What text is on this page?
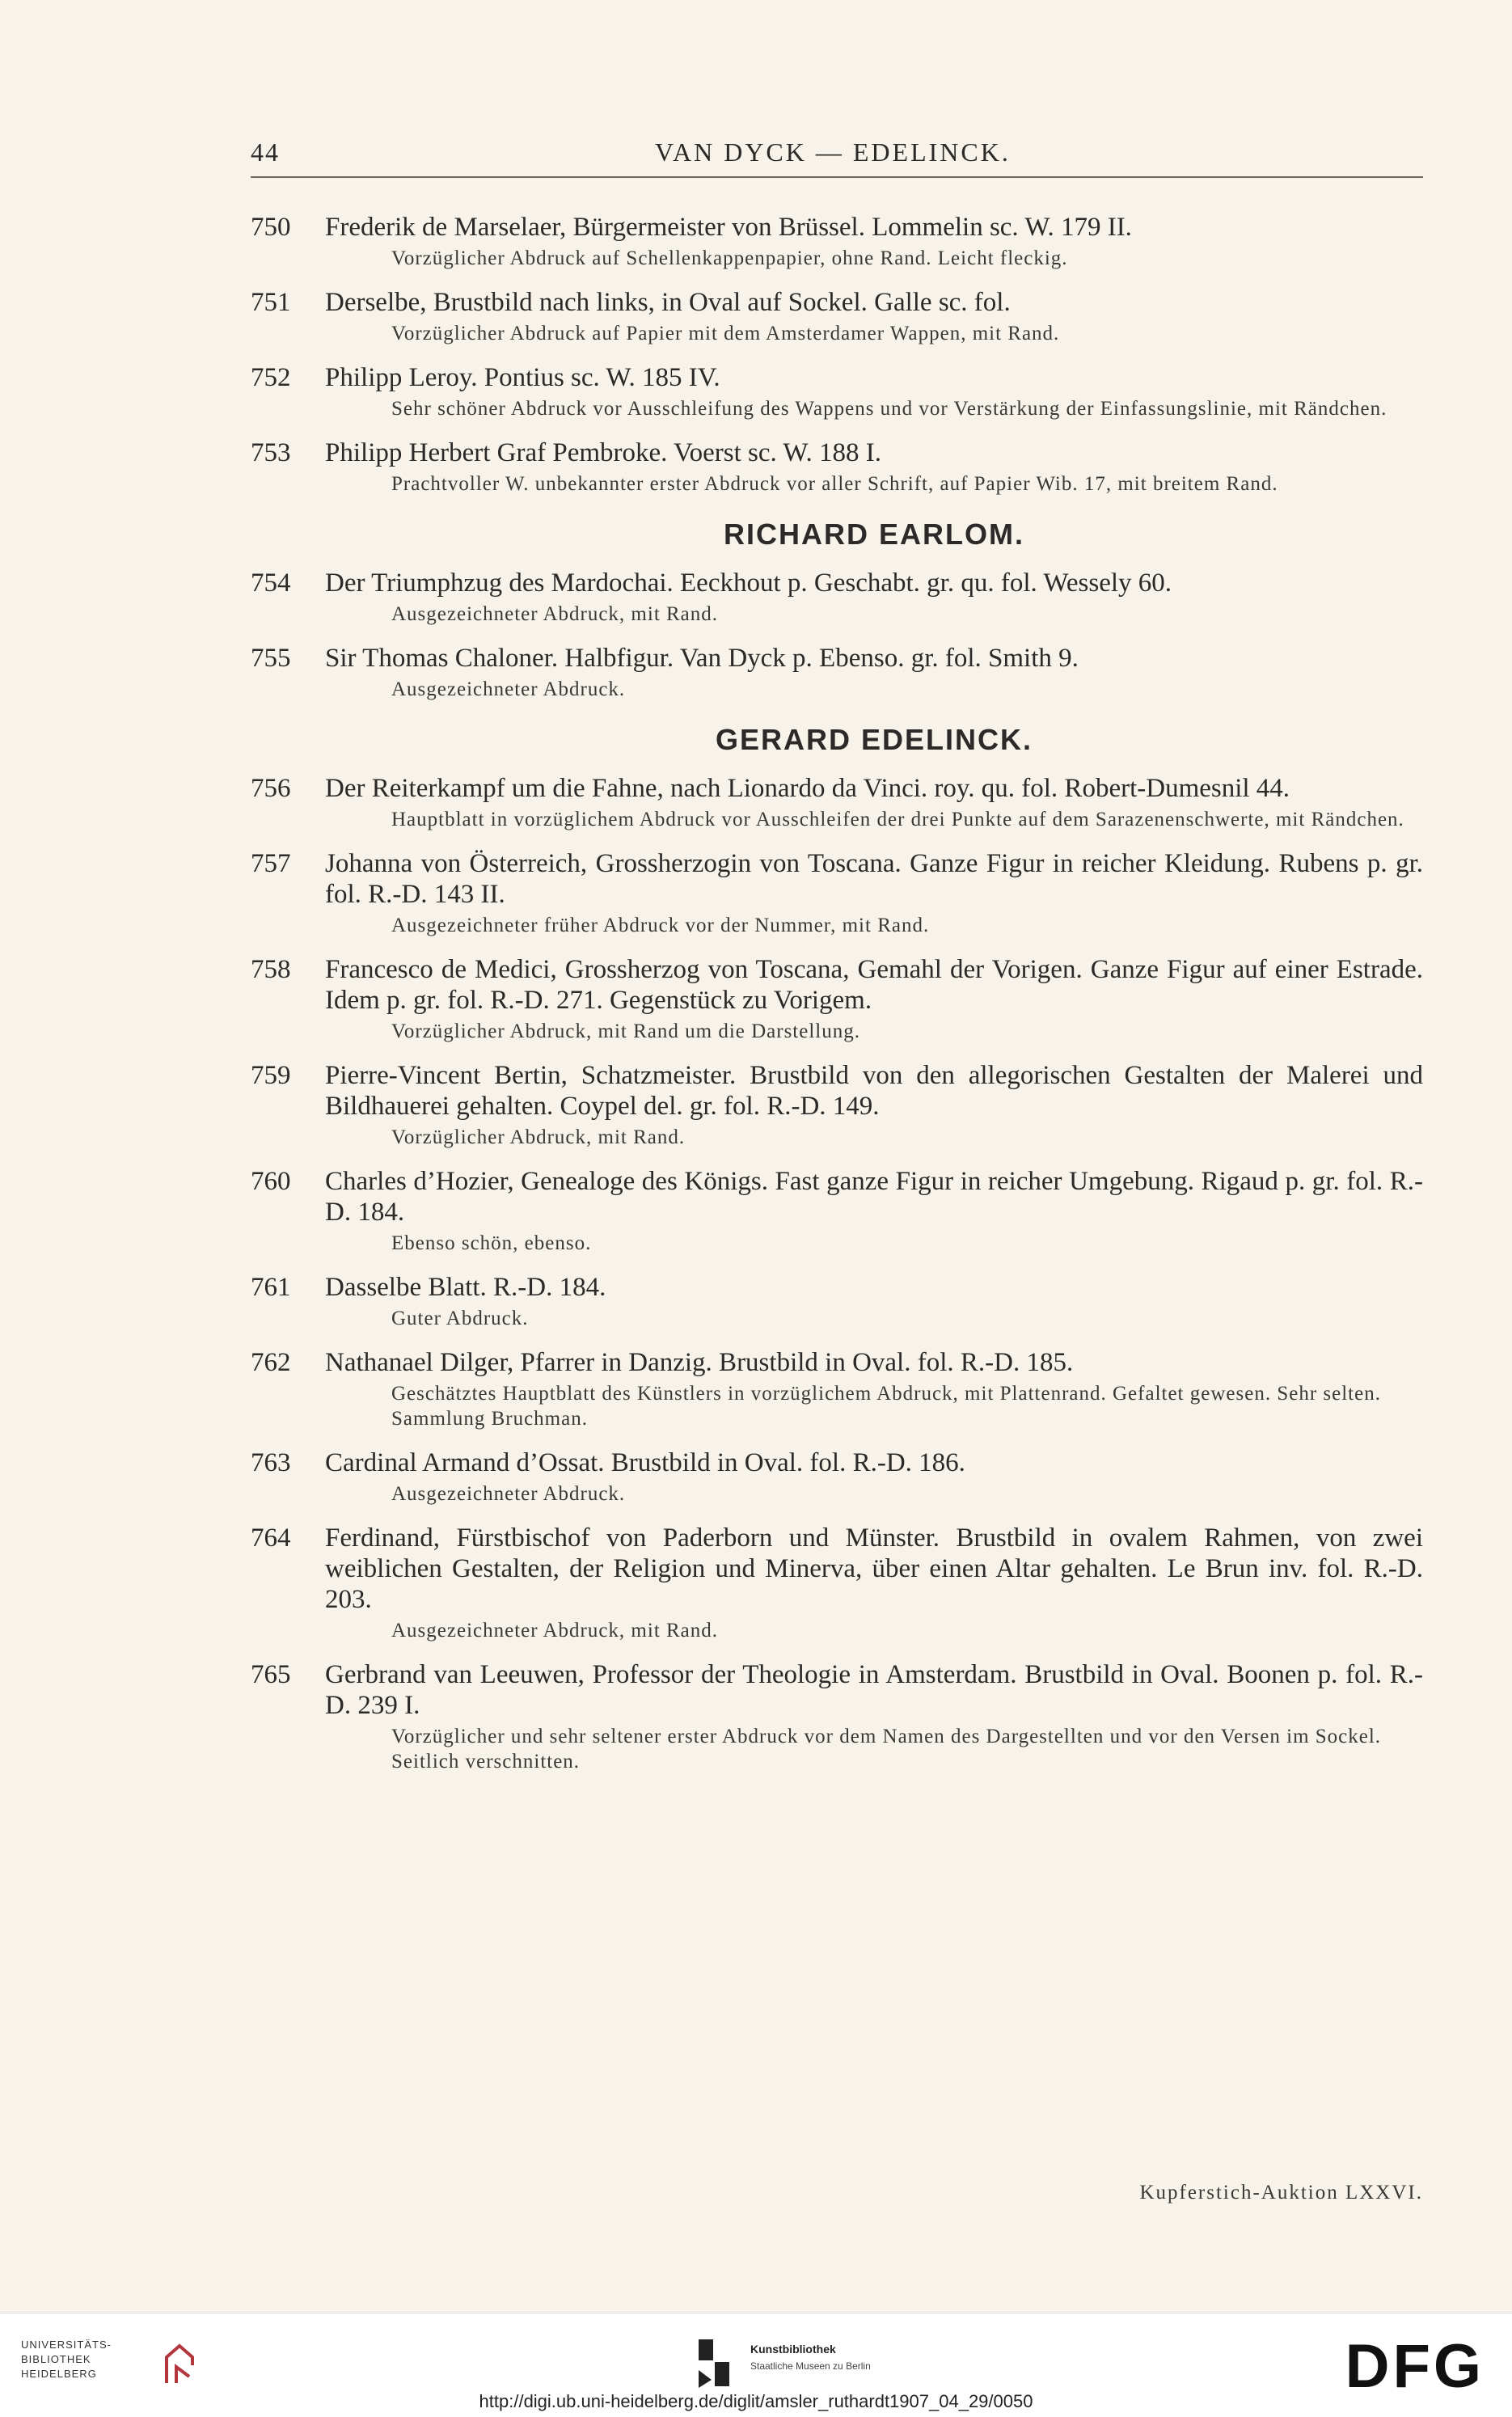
44	VAN DYCK — EDELINCK.
750	Frederik de Marselaer, Bürgermeister von Brüssel. Lommelin sc. W. 179 II.
Vorzüglicher Abdruck auf Schellenkappenpapier, ohne Rand. Leicht fleckig.
751	Derselbe, Brustbild nach links, in Oval auf Sockel. Galle sc. fol.
Vorzüglicher Abdruck auf Papier mit dem Amsterdamer Wappen, mit Rand.
752	Philipp Leroy. Pontius sc. W. 185 IV.
Sehr schöner Abdruck vor Ausschleifung des Wappens und vor Verstärkung der Einfassungslinie, mit Rändchen.
753	Philipp Herbert Graf Pembroke. Voerst sc. W. 188 I.
Prachtvoller W. unbekannter erster Abdruck vor aller Schrift, auf Papier Wib. 17, mit breitem Rand.
RICHARD EARLOM.
754	Der Triumphzug des Mardochai. Eeckhout p. Geschabt. gr. qu. fol. Wessely 60.
Ausgezeichneter Abdruck, mit Rand.
755	Sir Thomas Chaloner. Halbfigur. Van Dyck p. Ebenso. gr. fol. Smith 9.
Ausgezeichneter Abdruck.
GERARD EDELINCK.
756	Der Reiterkampf um die Fahne, nach Lionardo da Vinci. roy. qu. fol. Robert-Dumesnil 44.
Hauptblatt in vorzüglichem Abdruck vor Ausschleifen der drei Punkte auf dem Sarazenenschwerte, mit Rändchen.
757	Johanna von Österreich, Grossherzogin von Toscana. Ganze Figur in reicher Kleidung. Rubens p. gr. fol. R.-D. 143 II.
Ausgezeichneter früher Abdruck vor der Nummer, mit Rand.
758	Francesco de Medici, Grossherzog von Toscana, Gemahl der Vorigen. Ganze Figur auf einer Estrade. Idem p. gr. fol. R.-D. 271. Gegenstück zu Vorigem.
Vorzüglicher Abdruck, mit Rand um die Darstellung.
759	Pierre-Vincent Bertin, Schatzmeister. Brustbild von den allegorischen Gestalten der Malerei und Bildhauerei gehalten. Coypel del. gr. fol. R.-D. 149.
Vorzüglicher Abdruck, mit Rand.
760	Charles d’Hozier, Genealoge des Königs. Fast ganze Figur in reicher Umgebung. Rigaud p. gr. fol. R.-D. 184.
Ebenso schön, ebenso.
761	Dasselbe Blatt. R.-D. 184.
Guter Abdruck.
762	Nathanael Dilger, Pfarrer in Danzig. Brustbild in Oval. fol. R.-D. 185.
Geschätztes Hauptblatt des Künstlers in vorzüglichem Abdruck, mit Plattenrand. Gefaltet gewesen. Sehr selten. Sammlung Bruchman.
763	Cardinal Armand d’Ossat. Brustbild in Oval. fol. R.-D. 186.
Ausgezeichneter Abdruck.
764	Ferdinand, Fürstbischof von Paderborn und Münster. Brustbild in ovalem Rahmen, von zwei weiblichen Gestalten, der Religion und Minerva, über einen Altar gehalten. Le Brun inv. fol. R.-D. 203.
Ausgezeichneter Abdruck, mit Rand.
765	Gerbrand van Leeuwen, Professor der Theologie in Amsterdam. Brustbild in Oval. Boonen p. fol. R.-D. 239 I.
Vorzüglicher und sehr seltener erster Abdruck vor dem Namen des Dargestellten und vor den Versen im Sockel. Seitlich verschnitten.
Kupferstich-Auktion LXXVI.
UNIVERSITÄTS-
BIBLIOTHEK
HEIDELBERG
Kunstbibliothek
Staatliche Museen zu Berlin	DFG
http://digi.ub.uni-heidelberg.de/diglit/amsler_ruthardt1907_04_29/0050
